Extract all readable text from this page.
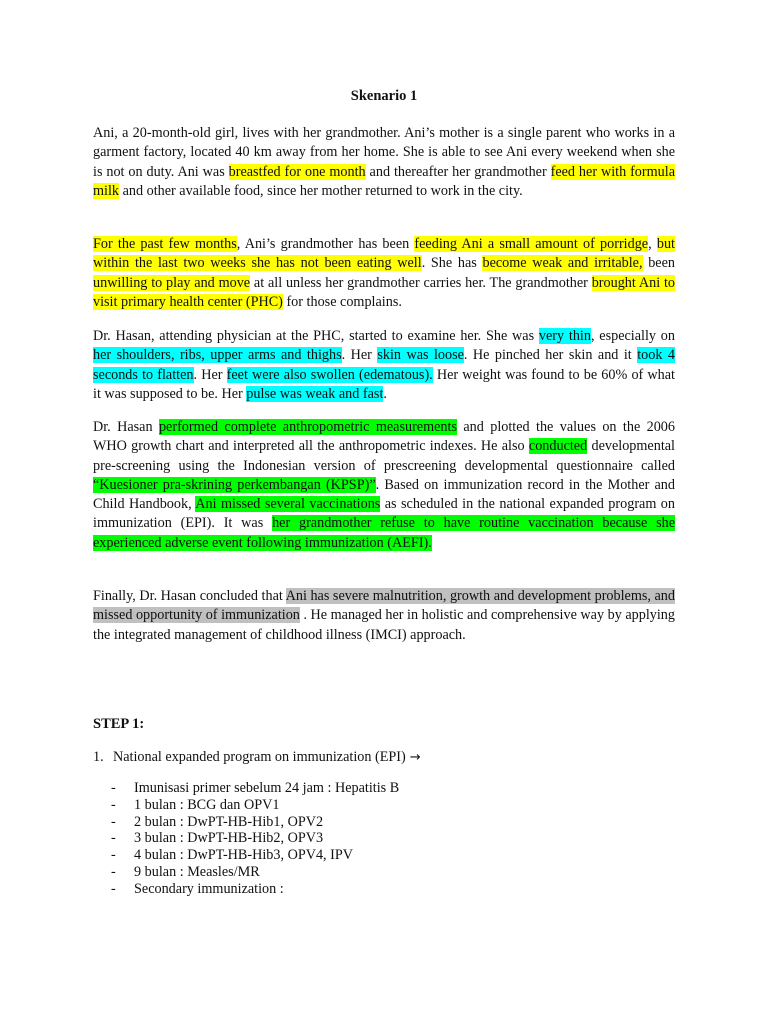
Skenario 1

Ani, a 20-month-old girl, lives with her grandmother. Ani’s mother is a single parent who works in a garment factory, located 40 km away from her home. She is able to see Ani every weekend when she is not on duty. Ani was breastfed for one month and thereafter her grandmother feed her with formula milk and other available food, since her mother returned to work in the city.

For the past few months, Ani’s grandmother has been feeding Ani a small amount of porridge, but within the last two weeks she has not been eating well. She has become weak and irritable, been unwilling to play and move at all unless her grandmother carries her. The grandmother brought Ani to visit primary health center (PHC) for those complains.

Dr. Hasan, attending physician at the PHC, started to examine her. She was very thin, especially on her shoulders, ribs, upper arms and thighs. Her skin was loose. He pinched her skin and it took 4 seconds to flatten. Her feet were also swollen (edematous). Her weight was found to be 60% of what it was supposed to be. Her pulse was weak and fast.

Dr. Hasan performed complete anthropometric measurements and plotted the values on the 2006 WHO growth chart and interpreted all the anthropometric indexes. He also conducted developmental pre-screening using the Indonesian version of prescreening developmental questionnaire called “Kuesioner pra-skrining perkembangan (KPSP)”. Based on immunization record in the Mother and Child Handbook, Ani missed several vaccinations as scheduled in the national expanded program on immunization (EPI). It was her grandmother refuse to have routine vaccination because she experienced adverse event following immunization (AEFI).

Finally, Dr. Hasan concluded that Ani has severe malnutrition, growth and development problems, and missed opportunity of immunization . He managed her in holistic and comprehensive way by applying the integrated management of childhood illness (IMCI) approach.

STEP 1:
1. National expanded program on immunization (EPI) →
- Imunisasi primer sebelum 24 jam : Hepatitis B
- 1 bulan : BCG dan OPV1
- 2 bulan : DwPT-HB-Hib1, OPV2
- 3 bulan : DwPT-HB-Hib2, OPV3
- 4 bulan : DwPT-HB-Hib3, OPV4, IPV
- 9 bulan : Measles/MR
- Secondary immunization :
